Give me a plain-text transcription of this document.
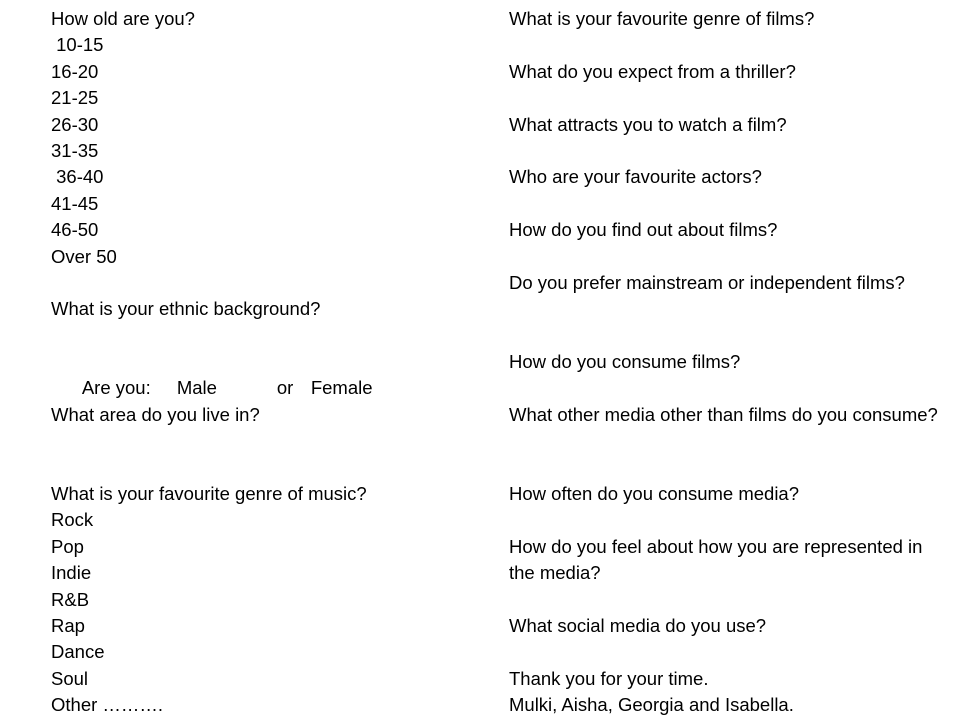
How old are you?
10-15
16-20
21-25
26-30
31-35
36-40
41-45
46-50
Over 50
What is your ethnic background?

Are you: Male	or Female

What area do you live in?
What is your favourite genre of music?
Rock
Pop
Indie
R&B
Rap
Dance
Soul
Other ……….
What is your favourite genre of films?
What do you expect from a thriller?
What attracts you to watch a film?
Who are your favourite actors?
How do you find out about films?
Do you prefer mainstream or independent films?
How do you consume films?
What other media other than films do you consume?
How often do you consume media?
How do you feel about how you are represented in the media?
What social media do you use?
Thank you for your time.
Mulki, Aisha, Georgia and Isabella.
